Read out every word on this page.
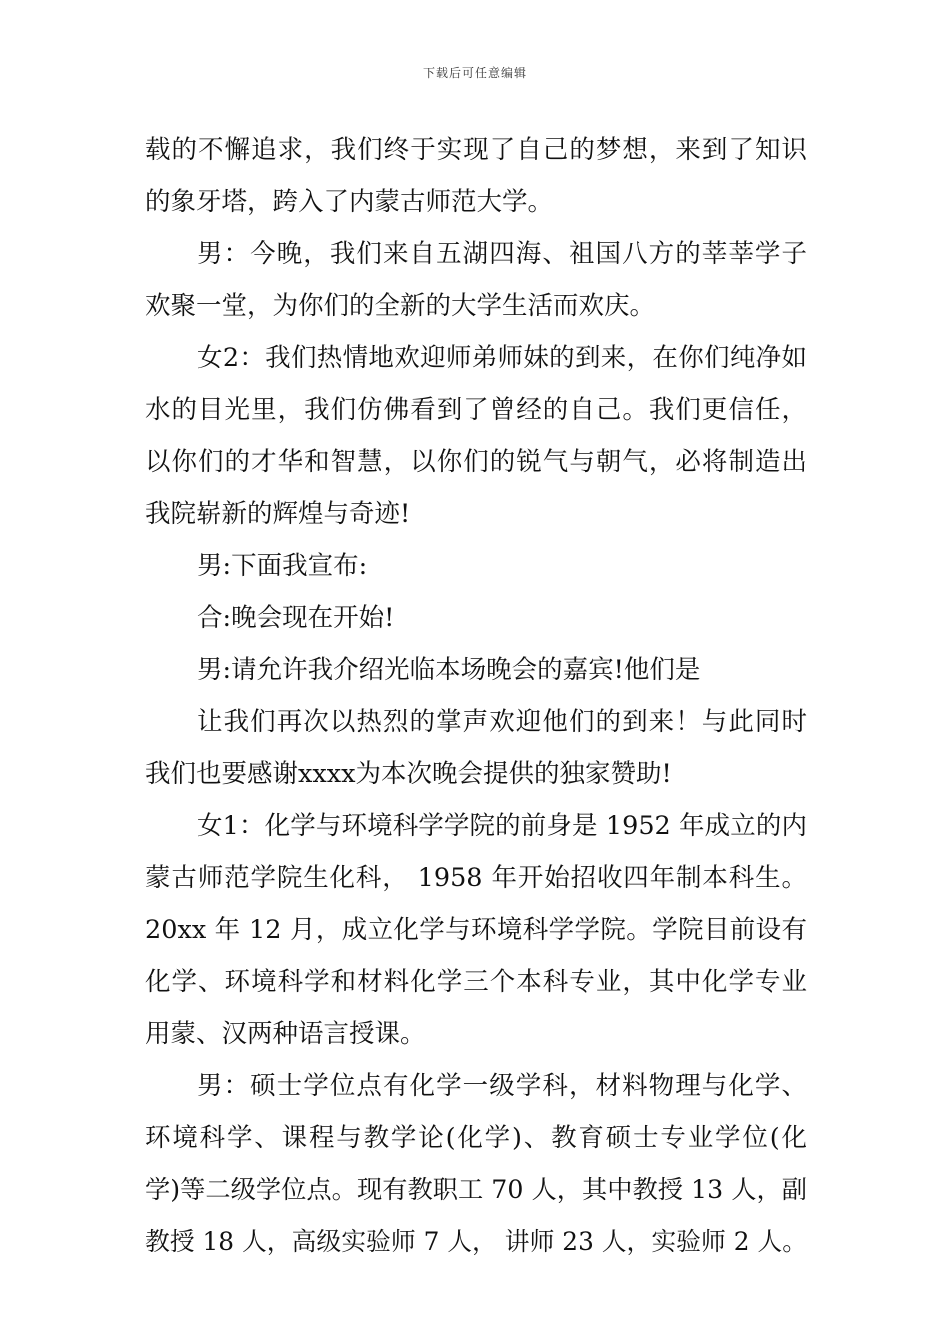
下载后可任意编辑
载的不懈追求，我们终于实现了自己的梦想，来到了知识
的象牙塔，跨入了内蒙古师范大学。
男：今晚，我们来自五湖四海、祖国八方的莘莘学子
欢聚一堂，为你们的全新的大学生活而欢庆。
女2：我们热情地欢迎师弟师妹的到来，在你们纯净如
水的目光里，我们仿佛看到了曾经的自己。我们更信任，
以你们的才华和智慧，以你们的锐气与朝气，必将制造出
我院崭新的辉煌与奇迹!
男:下面我宣布:
合:晚会现在开始!
男:请允许我介绍光临本场晚会的嘉宾!他们是
让我们再次以热烈的掌声欢迎他们的到来！与此同时
我们也要感谢xxxx为本次晚会提供的独家赞助!
女1：化学与环境科学学院的前身是 1952 年成立的内
蒙古师范学院生化科， 1958 年开始招收四年制本科生。
20xx 年 12 月，成立化学与环境科学学院。学院目前设有
化学、环境科学和材料化学三个本科专业，其中化学专业
用蒙、汉两种语言授课。
男：硕士学位点有化学一级学科，材料物理与化学、
环境科学、课程与教学论(化学)、教育硕士专业学位(化
学)等二级学位点。现有教职工 70 人，其中教授 13 人，副
教授 18 人，高级实验师 7 人， 讲师 23 人，实验师 2 人。
